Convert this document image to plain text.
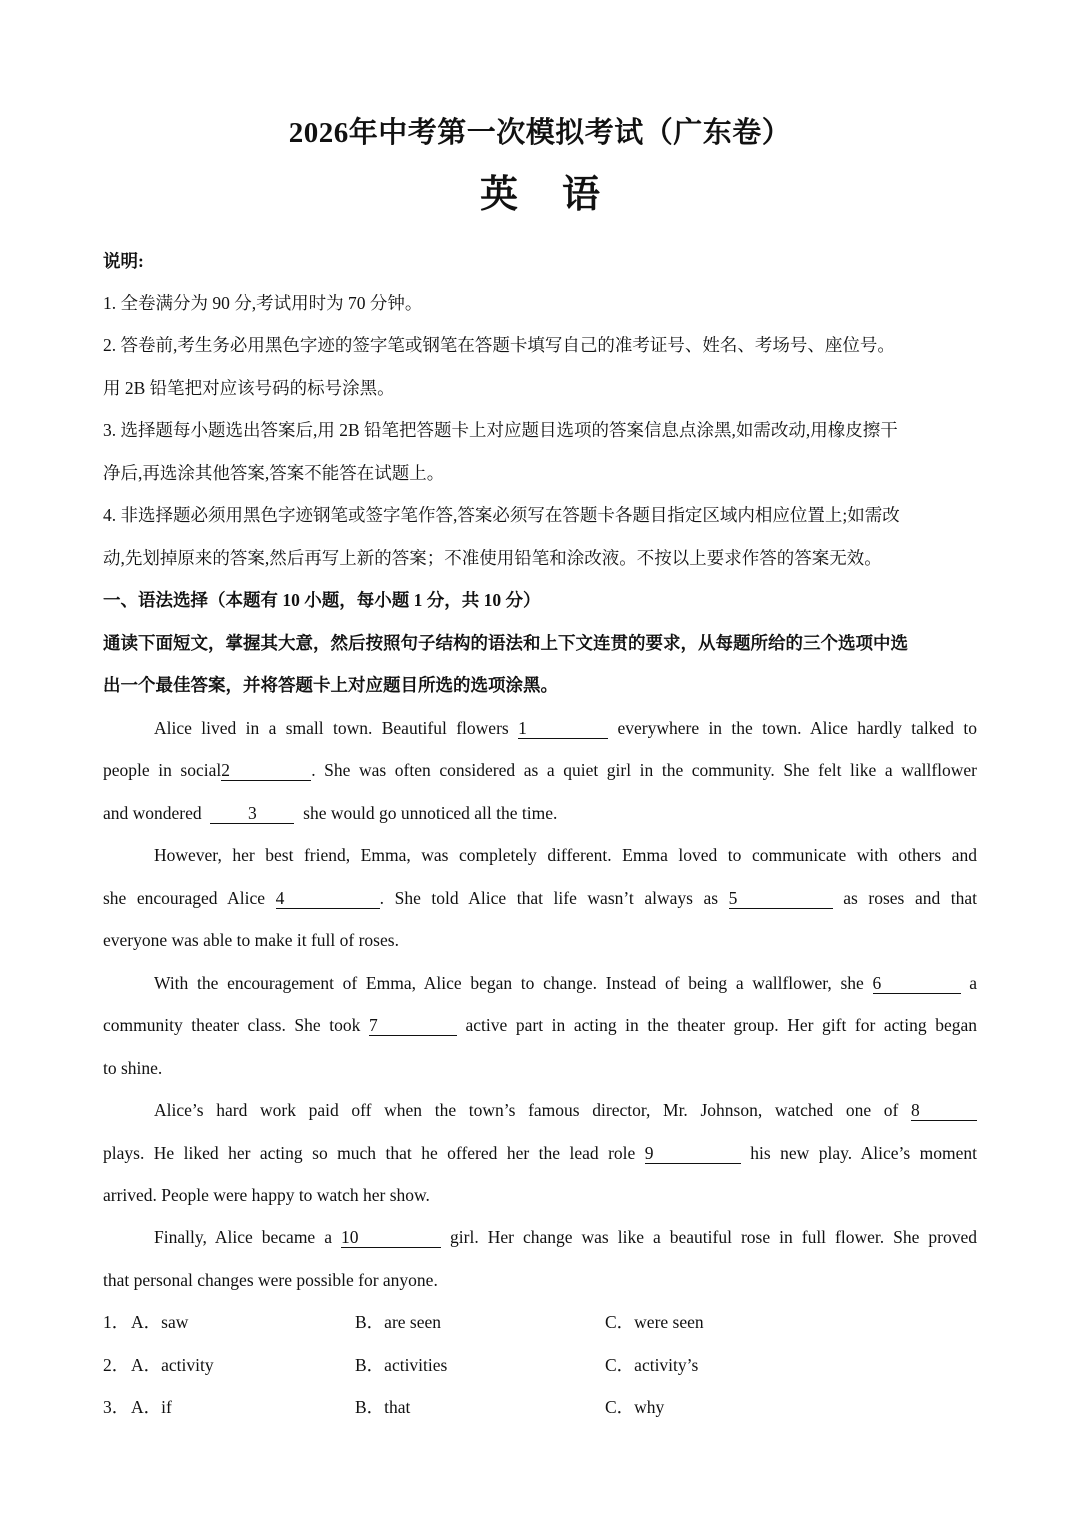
2026年中考第一次模拟考试（广东卷）
英 语
说明:
1. 全卷满分为 90 分,考试用时为 70 分钟。
2. 答卷前,考生务必用黑色字迹的签字笔或钢笔在答题卡填写自己的准考证号、姓名、考场号、座位号。
用 2B 铅笔把对应该号码的标号涂黑。
3. 选择题每小题选出答案后,用 2B 铅笔把答题卡上对应题目选项的答案信息点涂黑,如需改动,用橡皮擦干
净后,再选涂其他答案,答案不能答在试题上。
4. 非选择题必须用黑色字迹钢笔或签字笔作答,答案必须写在答题卡各题目指定区域内相应位置上;如需改
动,先划掉原来的答案,然后再写上新的答案；不准使用铅笔和涂改液。不按以上要求作答的答案无效。
一、语法选择（本题有 10 小题，每小题 1 分，共 10 分）
通读下面短文，掌握其大意，然后按照句子结构的语法和上下文连贯的要求，从每题所给的三个选项中选
出一个最佳答案，并将答题卡上对应题目所选的选项涂黑。
Alice lived in a small town. Beautiful flowers 1	everywhere in the town. Alice hardly talked to
people in social2	. She was often considered as a quiet girl in the community. She felt like a wallflower
and wondered	3	she would go unnoticed all the time.
However, her best friend, Emma, was completely different. Emma loved to communicate with others and
she encouraged Alice 4	. She told Alice that life wasn’t always as 5	as roses and that
everyone was able to make it full of roses.
With the encouragement of Emma, Alice began to change. Instead of being a wallflower, she 6	a
community theater class. She took 7	active part in acting in the theater group. Her gift for acting began
to shine.
Alice’s hard work paid off when the town’s famous director, Mr. Johnson, watched one of 8
plays. He liked her acting so much that he offered her the lead role 9	his new play. Alice’s moment
arrived. People were happy to watch her show.
Finally, Alice became a 10	girl. Her change was like a beautiful rose in full flower. She proved
that personal changes were possible for anyone.
1． A．saw	B．are seen	C．were seen
2． A．activity	B．activities	C．activity’s
3． A．if	B．that	C．why
